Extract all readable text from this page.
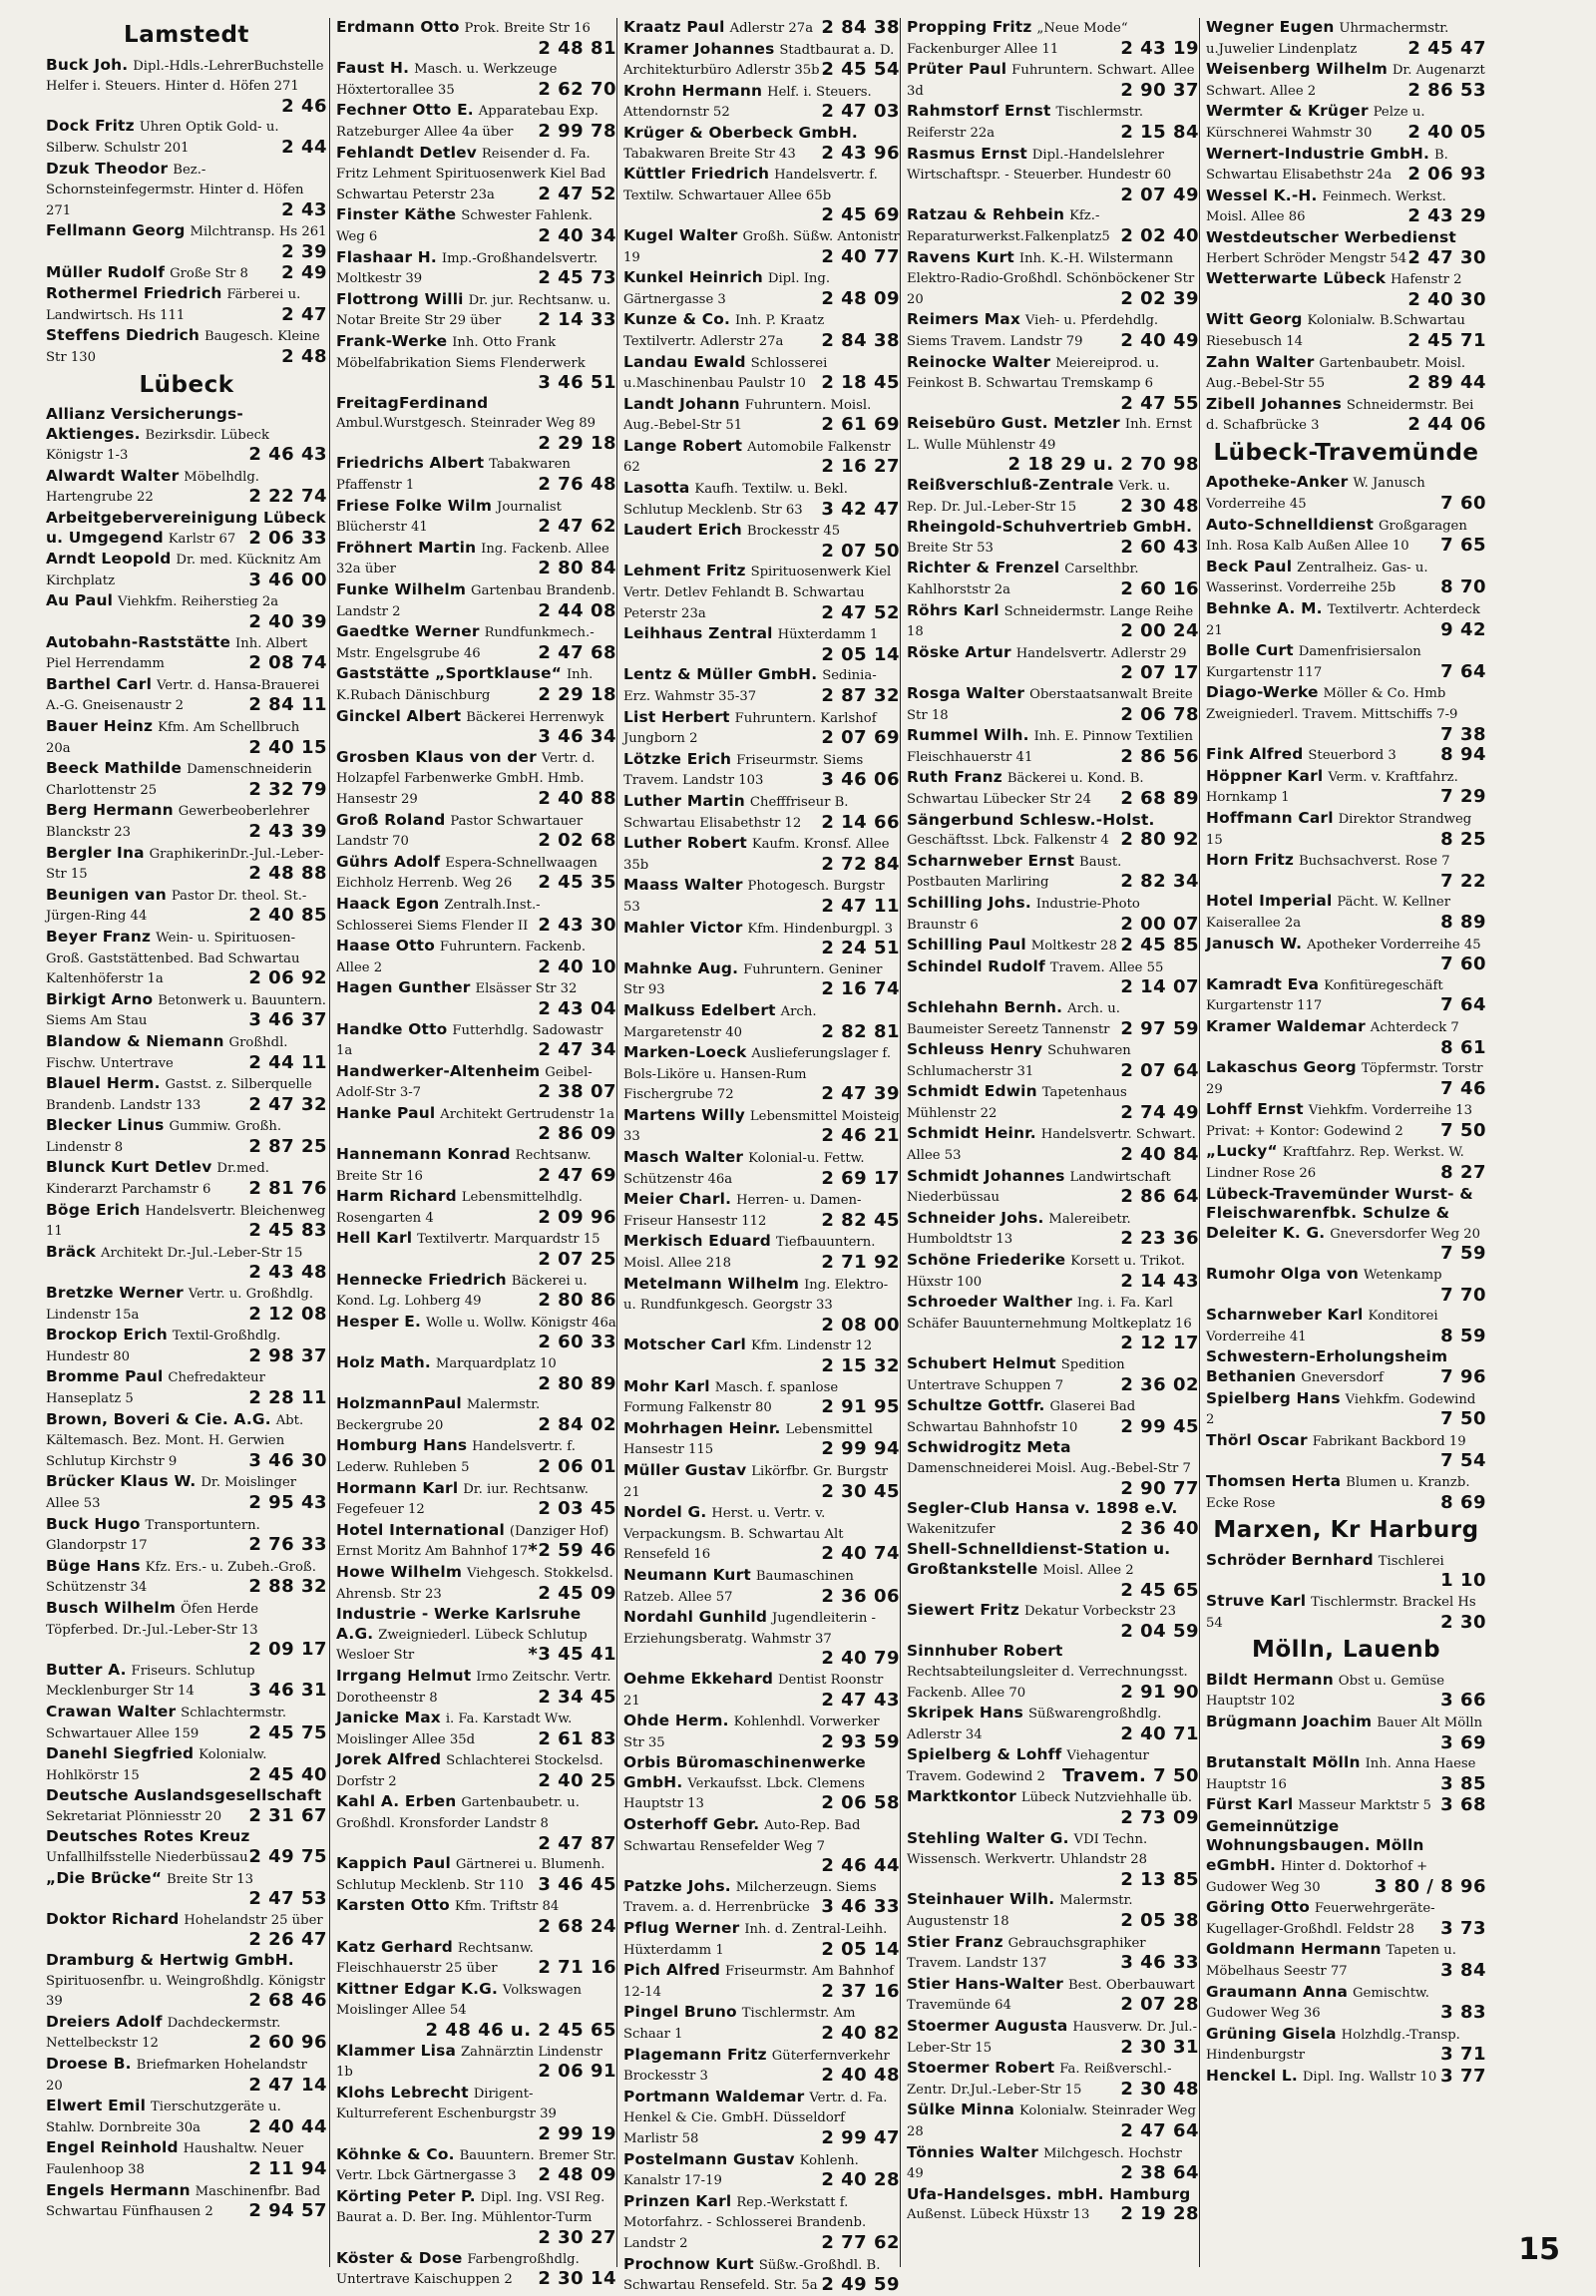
Lamstedt
Buck Joh. Dipl.-Hdls.-LehrerBuchstelle Helfer i. Steuers. Hinter d. Höfen 271
2 46
Dock Fritz Uhren Optik Gold- u. Silberw. Schulstr 201	2 44
Dzuk Theodor Bez.-Schornsteinfegermstr. Hinter d. Höfen 271	2 43
Fellmann Georg Milchtransp. Hs 261
2 39
Müller Rudolf Große Str 8 2 49
Rothermel Friedrich Färberei u. Landwirtsch. Hs 111	2 47
Steffens Diedrich Baugesch. Kleine Str 130	2 48
Lübeck
Allianz Versicherungs-Aktienges. Bezirksdir. Lübeck Königstr 1-3	2 46 43
Alwardt Walter Möbelhdlg. Hartengrube 22	2 22 74
Arbeitgebervereinigung Lübeck u. Umgegend Karlstr 67 2 06 33
Arndt Leopold Dr. med. Kücknitz Am Kirchplatz	3 46 00
Au Paul Viehkfm. Reiherstieg 2a
2 40 39
Autobahn-Raststätte Inh. Albert Piel Herrendamm	2 08 74
Barthel Carl Vertr. d. Hansa-Brauerei A.-G. Gneisenaustr 2	2 84 11
Bauer Heinz Kfm. Am Schellbruch 20a	2 40 15
Beeck Mathilde Damenschneiderin Charlottenstr 25	2 32 79
Berg Hermann Gewerbeoberlehrer Blanckstr 23	2 43 39
Bergler Ina GraphikerinDr.-Jul.-Leber-Str 15	2 48 88
Beunigen van Pastor Dr. theol. St.-Jürgen-Ring 44	2 40 85
Beyer Franz Wein- u. Spirituosen-Groß. Gaststättenbed. Bad Schwartau Kaltenhöferstr 1a	2 06 92
Birkigt Arno Betonwerk u. Bauuntern. Siems Am Stau	3 46 37
Blandow & Niemann Großhdl. Fischw. Untertrave	2 44 11
Blauel Herm. Gastst. z. Silberquelle Brandenb. Landstr 133	2 47 32
Blecker Linus Gummiw. Großh. Lindenstr 8	2 87 25
Blunck Kurt Detlev Dr.med. Kinderarzt Parchamstr 6 2 81 76
Böge Erich Handelsvertr. Bleichenweg 11	2 45 83
Bräck Architekt Dr.-Jul.-Leber-Str 15
2 43 48
Bretzke Werner Vertr. u. Großhdlg. Lindenstr 15a	2 12 08
Brockop Erich Textil-Großhdlg. Hundestr 80	2 98 37
Bromme Paul Chefredakteur Hanseplatz 5	2 28 11
Brown, Boveri & Cie. A.G. Abt. Kältemasch. Bez. Mont. H. Gerwien Schlutup Kirchstr 9	3 46 30
Brücker Klaus W. Dr. Moislinger Allee 53	2 95 43
Buck Hugo Transportuntern. Glandorpstr 17	2 76 33
Büge Hans Kfz. Ers.- u. Zubeh.-Groß. Schützenstr 34	2 88 32
Busch Wilhelm Öfen Herde Töpferbed. Dr.-Jul.-Leber-Str 13
2 09 17
Butter A. Friseurs. Schlutup Mecklenburger Str 14	3 46 31
Crawan Walter Schlachtermstr. Schwartauer Allee 159	2 45 75
Danehl Siegfried Kolonialw. Hohlkörstr 15	2 45 40
Deutsche Auslandsgesellschaft Sekretariat Plönniesstr 20 2 31 67
Deutsches Rotes Kreuz Unfallhilfsstelle Niederbüssau 2 49 75
„Die Brücke“ Breite Str 13
2 47 53
Doktor Richard Hohelandstr 25 über
2 26 47
Dramburg & Hertwig GmbH. Spirituosenfbr. u. Weingroßhdlg. Königstr 39	2 68 46
Dreiers Adolf Dachdeckermstr. Nettelbeckstr 12	2 60 96
Droese B. Briefmarken Hohelandstr 20	2 47 14
Elwert Emil Tierschutzgeräte u. Stahlw. Dornbreite 30a	2 40 44
Engel Reinhold Haushaltw. Neuer Faulenhoop 38	2 11 94
Engels Hermann Maschinenfbr. Bad Schwartau Fünfhausen 2 2 94 57
Erdmann Otto Prok. Breite Str 16
2 48 81
Faust H. Masch. u. Werkzeuge Höxtertorallee 35	2 62 70
Fechner Otto E. Apparatebau Exp. Ratzeburger Allee 4a über 2 99 78
Fehlandt Detlev Reisender d. Fa. Fritz Lehment Spirituosenwerk Kiel Bad Schwartau Peterstr 23a 2 47 52
Finster Käthe Schwester Fahlenk. Weg 6	2 40 34
Flashaar H. Imp.-Großhandelsvertr. Moltkestr 39	2 45 73
Flottrong Willi Dr. jur. Rechtsanw. u. Notar Breite Str 29 über 2 14 33
Frank-Werke Inh. Otto Frank Möbelfabrikation Siems Flenderwerk
3 46 51
FreitagFerdinand Ambul.Wurstgesch. Steinrader Weg 89
2 29 18
Friedrichs Albert Tabakwaren Pfaffenstr 1	2 76 48
Friese Folke Wilm Journalist Blücherstr 41	2 47 62
Fröhnert Martin Ing. Fackenb. Allee 32a über	2 80 84
Funke Wilhelm Gartenbau Brandenb. Landstr 2	2 44 08
Gaedtke Werner Rundfunkmech.-Mstr. Engelsgrube 46	2 47 68
Gaststätte „Sportklause“ Inh. K.Rubach Dänischburg	2 29 18
Ginckel Albert Bäckerei Herrenwyk
3 46 34
Grosben Klaus von der Vertr. d. Holzapfel Farbenwerke GmbH. Hmb. Hansestr 29	2 40 88
Groß Roland Pastor Schwartauer Landstr 70	2 02 68
Gührs Adolf Espera-Schnellwaagen Eichholz Herrenb. Weg 26 2 45 35
Haack Egon Zentralh.Inst.-Schlosserei Siems Flender II 2 43 30
Haase Otto Fuhruntern. Fackenb. Allee 2	2 40 10
Hagen Gunther Elsässer Str 32
2 43 04
Handke Otto Futterhdlg. Sadowastr 1a	2 47 34
Handwerker-Altenheim Geibel-Adolf-Str 3-7	2 38 07
Hanke Paul Architekt Gertrudenstr 1a
2 86 09
Hannemann Konrad Rechtsanw. Breite Str 16	2 47 69
Harm Richard Lebensmittelhdlg. Rosengarten 4	2 09 96
Hell Karl Textilvertr. Marquardstr 15
2 07 25
Hennecke Friedrich Bäckerei u. Kond. Lg. Lohberg 49	2 80 86
Hesper E. Wolle u. Wollw. Königstr 46a
2 60 33
Holz Math. Marquardplatz 10
2 80 89
HolzmannPaul Malermstr. Beckergrube 20	2 84 02
Homburg Hans Handelsvertr. f. Lederw. Ruhleben 5	2 06 01
Hormann Karl Dr. iur. Rechtsanw. Fegefeuer 12	2 03 45
Hotel International (Danziger Hof) Ernst Moritz Am Bahnhof 17 *2 59 46
Howe Wilhelm Viehgesch. Stokkelsd. Ahrensb. Str 23	2 45 09
Industrie - Werke Karlsruhe A.G. Zweigniederl. Lübeck Schlutup Wesloer Str	*3 45 41
Irrgang Helmut Irmo Zeitschr. Vertr. Dorotheenstr 8	2 34 45
Janicke Max i. Fa. Karstadt Ww. Moislinger Allee 35d	2 61 83
Jorek Alfred Schlachterei Stockelsd. Dorfstr 2	2 40 25
Kahl A. Erben Gartenbaubetr. u. Großhdl. Kronsforder Landstr 8
2 47 87
Kappich Paul Gärtnerei u. Blumenh. Schlutup Mecklenb. Str 110 3 46 45
Karsten Otto Kfm. Triftstr 84
2 68 24
Katz Gerhard Rechtsanw. Fleischhauerstr 25 über 2 71 16
Kittner Edgar K.G. Volkswagen Moislinger Allee 54
2 48 46 u. 2 45 65
Klammer Lisa Zahnärztin Lindenstr 1b	2 06 91
Klohs Lebrecht Dirigent-Kulturreferent Eschenburgstr 39
2 99 19
Köhnke & Co. Bauuntern. Bremer Str. Vertr. Lbck Gärtnergasse 3 2 48 09
Körting Peter P. Dipl. Ing. VSI Reg. Baurat a. D. Ber. Ing. Mühlentor-Turm
2 30 27
Köster & Dose Farbengroßhdlg. Untertrave Kaischuppen 2 2 30 14
Kraatz Paul Adlerstr 27a 2 84 38
Kramer Johannes Stadtbaurat a. D. Architekturbüro Adlerstr 35b 2 45 54
Krohn Hermann Helf. i. Steuers. Attendornstr 52	2 47 03
Krüger & Oberbeck GmbH. Tabakwaren Breite Str 43 2 43 96
Küttler Friedrich Handelsvertr. f. Textilw. Schwartauer Allee 65b
2 45 69
Kugel Walter Großh. Süßw. Antonistr 19	2 40 77
Kunkel Heinrich Dipl. Ing. Gärtnergasse 3	2 48 09
Kunze & Co. Inh. P. Kraatz Textilvertr. Adlerstr 27a 2 84 38
Landau Ewald Schlosserei u.Maschinenbau Paulstr 10 2 18 45
Landt Johann Fuhruntern. Moisl. Aug.-Bebel-Str 51	2 61 69
Lange Robert Automobile Falkenstr 62	2 16 27
Lasotta Kaufh. Textilw. u. Bekl. Schlutup Mecklenb. Str 63 3 42 47
Laudert Erich Brockesstr 45
2 07 50
Lehment Fritz Spirituosenwerk Kiel Vertr. Detlev Fehlandt B. Schwartau Peterstr 23a	2 47 52
Leihhaus Zentral Hüxterdamm 1
2 05 14
Lentz & Müller GmbH. Sedinia-Erz. Wahmstr 35-37	2 87 32
List Herbert Fuhruntern. Karlshof Jungborn 2	2 07 69
Lötzke Erich Friseurmstr. Siems Travem. Landstr 103	3 46 06
Luther Martin Chefffriseur B. Schwartau Elisabethstr 12 2 14 66
Luther Robert Kaufm. Kronsf. Allee 35b	2 72 84
Maass Walter Photogesch. Burgstr 53	2 47 11
Mahler Victor Kfm. Hindenburgpl. 3
2 24 51
Mahnke Aug. Fuhruntern. Geniner Str 93	2 16 74
Malkuss Edelbert Arch. Margaretenstr 40	2 82 81
Marken-Loeck Auslieferungslager f. Bols-Liköre u. Hansen-Rum Fischergrube 72	2 47 39
Martens Willy Lebensmittel Moisteig 33	2 46 21
Masch Walter Kolonial-u. Fettw. Schützenstr 46a	2 69 17
Meier Charl. Herren- u. Damen-Friseur Hansestr 112	2 82 45
Merkisch Eduard Tiefbauuntern. Moisl. Allee 218	2 71 92
Metelmann Wilhelm Ing. Elektro- u. Rundfunkgesch. Georgstr 33
2 08 00
Motscher Carl Kfm. Lindenstr 12
2 15 32
Mohr Karl Masch. f. spanlose Formung Falkenstr 80	2 91 95
Mohrhagen Heinr. Lebensmittel Hansestr 115	2 99 94
Müller Gustav Likörfbr. Gr. Burgstr 21	2 30 45
Nordel G. Herst. u. Vertr. v. Verpackungsm. B. Schwartau Alt Rensefeld 16	2 40 74
Neumann Kurt Baumaschinen Ratzeb. Allee 57	2 36 06
Nordahl Gunhild Jugendleiterin - Erziehungsberatg. Wahmstr 37
2 40 79
Oehme Ekkehard Dentist Roonstr 21	2 47 43
Ohde Herm. Kohlenhdl. Vorwerker Str 35	2 93 59
Orbis Büromaschinenwerke GmbH. Verkaufsst. Lbck. Clemens Hauptstr 13	2 06 58
Osterhoff Gebr. Auto-Rep. Bad Schwartau Rensefelder Weg 7
2 46 44
Patzke Johs. Milcherzeugn. Siems Travem. a. d. Herrenbrücke 3 46 33
Pflug Werner Inh. d. Zentral-Leihh. Hüxterdamm 1	2 05 14
Pich Alfred Friseurmstr. Am Bahnhof 12-14	2 37 16
Pingel Bruno Tischlermstr. Am Schaar 1	2 40 82
Plagemann Fritz Güterfernverkehr Brockesstr 3	2 40 48
Portmann Waldemar Vertr. d. Fa. Henkel & Cie. GmbH. Düsseldorf Marlistr 58	2 99 47
Postelmann Gustav Kohlenh. Kanalstr 17-19	2 40 28
Prinzen Karl Rep.-Werkstatt f. Motorfahrz. - Schlosserei Brandenb. Landstr 2	2 77 62
Prochnow Kurt Süßw.-Großhdl. B. Schwartau Rensefeld. Str. 5a 2 49 59
Propping Fritz „Neue Mode“ Fackenburger Allee 11	2 43 19
Prüter Paul Fuhruntern. Schwart. Allee 3d	2 90 37
Rahmstorf Ernst Tischlermstr. Reiferstr 22a	2 15 84
Rasmus Ernst Dipl.-Handelslehrer Wirtschaftspr. - Steuerber. Hundestr 60
2 07 49
Ratzau & Rehbein Kfz.-Reparaturwerkst.Falkenplatz5 2 02 40
Ravens Kurt Inh. K.-H. Wilstermann Elektro-Radio-Großhdl. Schönböckener Str 20	2 02 39
Reimers Max Vieh- u. Pferdehdlg. Siems Travem. Landstr 79 2 40 49
Reinocke Walter Meiereiprod. u. Feinkost B. Schwartau Tremskamp 6
2 47 55
Reisebüro Gust. Metzler Inh. Ernst L. Wulle Mühlenstr 49
2 18 29 u. 2 70 98
Reißverschluß-Zentrale Verk. u. Rep. Dr. Jul.-Leber-Str 15 2 30 48
Rheingold-Schuhvertrieb GmbH. Breite Str 53	2 60 43
Richter & Frenzel Carselthbr. Kahlhorststr 2a	2 60 16
Röhrs Karl Schneidermstr. Lange Reihe 18	2 00 24
Röske Artur Handelsvertr. Adlerstr 29
2 07 17
Rosga Walter Oberstaatsanwalt Breite Str 18	2 06 78
Rummel Wilh. Inh. E. Pinnow Textilien Fleischhauerstr 41	2 86 56
Ruth Franz Bäckerei u. Kond. B. Schwartau Lübecker Str 24 2 68 89
Sängerbund Schlesw.-Holst. Geschäftsst. Lbck. Falkenstr 4 2 80 92
Scharnweber Ernst Baust. Postbauten Marliring	2 82 34
Schilling Johs. Industrie-Photo Braunstr 6	2 00 07
Schilling Paul Moltkestr 28 2 45 85
Schindel Rudolf Travem. Allee 55
2 14 07
Schlehahn Bernh. Arch. u. Baumeister Sereetz Tannenstr 2 97 59
Schleuss Henry Schuhwaren Schlumacherstr 31	2 07 64
Schmidt Edwin Tapetenhaus Mühlenstr 22	2 74 49
Schmidt Heinr. Handelsvertr. Schwart. Allee 53	2 40 84
Schmidt Johannes Landwirtschaft Niederbüssau	2 86 64
Schneider Johs. Malereibetr. Humboldtstr 13	2 23 36
Schöne Friederike Korsett u. Trikot. Hüxstr 100	2 14 43
Schroeder Walther Ing. i. Fa. Karl Schäfer Bauunternehmung Moltkeplatz 16
2 12 17
Schubert Helmut Spedition Untertrave Schuppen 7	2 36 02
Schultze Gottfr. Glaserei Bad Schwartau Bahnhofstr 10 2 99 45
Schwidrogitz Meta Damenschneiderei Moisl. Aug.-Bebel-Str 7
2 90 77
Segler-Club Hansa v. 1898 e.V. Wakenitzufer	2 36 40
Shell-Schnelldienst-Station u. Großtankstelle Moisl. Allee 2
2 45 65
Siewert Fritz Dekatur Vorbeckstr 23
2 04 59
Sinnhuber Robert Rechtsabteilungsleiter d. Verrechnungsst. Fackenb. Allee 70	2 91 90
Skripek Hans Süßwarengroßhdlg. Adlerstr 34	2 40 71
Spielberg & Lohff Viehagentur Travem. Godewind 2 Travem. 7 50
Marktkontor Lübeck Nutzviehhalle üb.
2 73 09
Stehling Walter G. VDI Techn. Wissensch. Werkvertr. Uhlandstr 28
2 13 85
Steinhauer Wilh. Malermstr. Augustenstr 18	2 05 38
Stier Franz Gebrauchsgraphiker Travem. Landstr 137	3 46 33
Stier Hans-Walter Best. Oberbauwart Travemünde 64	2 07 28
Stoermer Augusta Hausverw. Dr. Jul.-Leber-Str 15	2 30 31
Stoermer Robert Fa. Reißverschl.-Zentr. Dr.Jul.-Leber-Str 15 2 30 48
Sülke Minna Kolonialw. Steinrader Weg 28	2 47 64
Tönnies Walter Milchgesch. Hochstr 49	2 38 64
Ufa-Handelsges. mbH. Hamburg Außenst. Lübeck Hüxstr 13 2 19 28
Wegner Eugen Uhrmachermstr. u.Juwelier Lindenplatz	2 45 47
Weisenberg Wilhelm Dr. Augenarzt Schwart. Allee 2	2 86 53
Wermter & Krüger Pelze u. Kürschnerei Wahmstr 30 2 40 05
Wernert-Industrie GmbH. B. Schwartau Elisabethstr 24a 2 06 93
Wessel K.-H. Feinmech. Werkst. Moisl. Allee 86	2 43 29
Westdeutscher Werbedienst Herbert Schröder Mengstr 54 2 47 30
Wetterwarte Lübeck Hafenstr 2
2 40 30
Witt Georg Kolonialw. B.Schwartau Riesebusch 14	2 45 71
Zahn Walter Gartenbaubetr. Moisl. Aug.-Bebel-Str 55	2 89 44
Zibell Johannes Schneidermstr. Bei d. Schafbrücke 3	2 44 06
Lübeck-Travemünde
Apotheke-Anker W. Janusch Vorderreihe 45	7 60
Auto-Schnelldienst Großgaragen Inh. Rosa Kalb Außen Allee 10 7 65
Beck Paul Zentralheiz. Gas- u. Wasserinst. Vorderreihe 25b 8 70
Behnke A. M. Textilvertr. Achterdeck 21	9 42
Bolle Curt Damenfrisiersalon Kurgartenstr 117	7 64
Diago-Werke Möller & Co. Hmb Zweigniederl. Travem. Mittschiffs 7-9
7 38
Fink Alfred Steuerbord 3 8 94
Höppner Karl Verm. v. Kraftfahrz. Hornkamp 1	7 29
Hoffmann Carl Direktor Strandweg 15	8 25
Horn Fritz Buchsachverst. Rose 7
7 22
Hotel Imperial Pächt. W. Kellner Kaiserallee 2a	8 89
Janusch W. Apotheker Vorderreihe 45
7 60
Kamradt Eva Konfitüregeschäft Kurgartenstr 117	7 64
Kramer Waldemar Achterdeck 7
8 61
Lakaschus Georg Töpfermstr. Torstr 29	7 46
Lohff Ernst Viehkfm. Vorderreihe 13 Privat: + Kontor: Godewind 2 7 50
„Lucky“ Kraftfahrz. Rep. Werkst. W. Lindner Rose 26	8 27
Lübeck-Travemünder Wurst- & Fleischwarenfbk. Schulze & Deleiter K. G. Gneversdorfer Weg 20
7 59
Rumohr Olga von Wetenkamp
7 70
Scharnweber Karl Konditorei Vorderreihe 41	8 59
Schwestern-Erholungsheim Bethanien Gneversdorf	7 96
Spielberg Hans Viehkfm. Godewind 2	7 50
Thörl Oscar Fabrikant Backbord 19
7 54
Thomsen Herta Blumen u. Kranzb. Ecke Rose	8 69
Marxen, Kr Harburg
Schröder Bernhard Tischlerei
1 10
Struve Karl Tischlermstr. Brackel Hs 54	2 30
Mölln, Lauenb
Bildt Hermann Obst u. Gemüse Hauptstr 102	3 66
Brügmann Joachim Bauer Alt Mölln
3 69
Brutanstalt Mölln Inh. Anna Haese Hauptstr 16	3 85
Fürst Karl Masseur Marktstr 5 3 68
Gemeinnützige Wohnungsbaugen. Mölln eGmbH. Hinter d. Doktorhof + Gudower Weg 30	3 80 / 8 96
Göring Otto Feuerwehrgeräte-Kugellager-Großhdl. Feldstr 28 3 73
Goldmann Hermann Tapeten u. Möbelhaus Seestr 77	3 84
Graumann Anna Gemischtw. Gudower Weg 36	3 83
Grüning Gisela Holzhdlg.-Transp. Hindenburgstr	3 71
Henckel L. Dipl. Ing. Wallstr 10 3 77
15
